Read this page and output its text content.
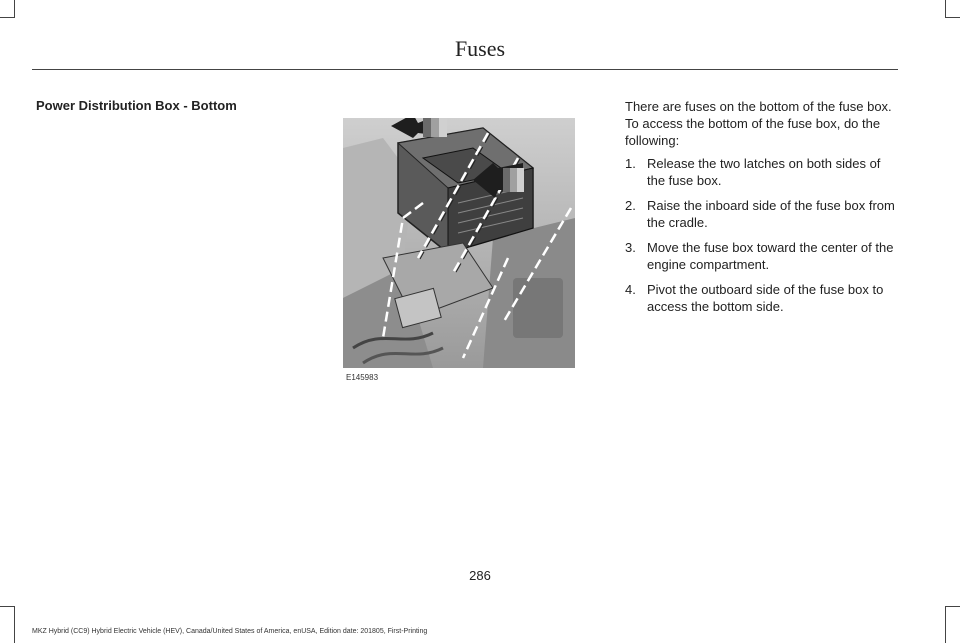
Fuses
Power Distribution Box - Bottom
E145983

There are fuses on the bottom of the fuse box. To access the bottom of the fuse box, do the following:

1. Release the two latches on both sides of the fuse box.
2. Raise the inboard side of the fuse box from the cradle.
3. Move the fuse box toward the center of the engine compartment.
4. Pivot the outboard side of the fuse box to access the bottom side.
286
MKZ Hybrid (CC9) Hybrid Electric Vehicle (HEV), Canada/United States of America, enUSA, Edition date: 201805, First-Printing
